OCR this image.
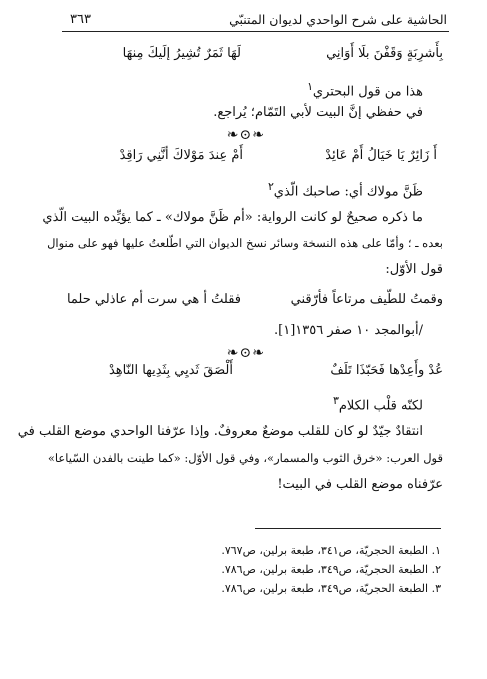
الحاشية على شرح الواحدي لديوان المتنبّي
٣٦٣
لَهَا ثَمَرٌ تُشِيرُ إلَيكَ مِنهَا	بِأَشرِبَةٍ وَقَفْنَ بلَا أَوَانِي
هذا من قول البحتري$^١$
في حفظي إنَّ البيت لأبي التَمّام؛ يُراجع.
❧⊙❧
أَ زَائِرٌ يَا خَيَالُ أَمْ عَائِدْ
أَمْ عِندَ مَوْلاكَ أنَّنِي رَاقِدْ
ظَنَّ مولاك أي: صاحبك الّذي$^٢$
ما ذكره صحيحٌ لو كانت الرواية: «أم ظَنَّ مولاك» ـ كما يؤيِّده البيت الّذي
بعده ـ ؛ وأمّا على هذه النسخة وسائر نسخ الديوان التي اطّلعتُ عليها فهو على منوال
قول الأوّل:
وقمتُ للطّيف مرتاعاً فأرّقني
فقلتُ أ هي سرت أم عاذلي حلما
/أبوالمجد ١٠ صفر ١٣٥٦[١].
❧⊙❧
عُدْ وأَعِدْها فَحَبّذَا تَلَفٌ
أَلْصَقَ ثَديِي بِثَدِيها النّاهِدْ
لكنّه قلْب الكلام$^٣$
انتقادٌ جيّدٌ لو كان للقلب موضعٌ معروفٌ. وإذا عرّفنا الواحدي موضع القلب في
قول العرب: «خرق الثوب والمسمار»، وفي قول الأوّل: «كما طينت بالفدن السّياعا»
عرّفناه موضع القلب في البيت!
١. الطبعة الحجريّة، ص٣٤١، طبعة برلين، ص٧٦٧.
٢. الطبعة الحجريّة، ص٣٤٩، طبعة برلين، ص٧٨٦.
٣. الطبعة الحجريّة، ص٣٤٩، طبعة برلين، ص٧٨٦.
